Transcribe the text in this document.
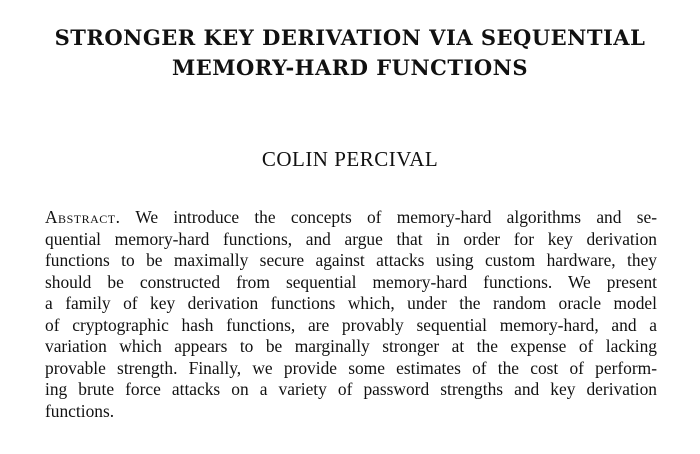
STRONGER KEY DERIVATION VIA SEQUENTIAL
MEMORY-HARD FUNCTIONS
COLIN PERCIVAL
Abstract. We introduce the concepts of memory-hard algorithms and se-
quential memory-hard functions, and argue that in order for key derivation
functions to be maximally secure against attacks using custom hardware, they
should be constructed from sequential memory-hard functions. We present
a family of key derivation functions which, under the random oracle model
of cryptographic hash functions, are provably sequential memory-hard, and a
variation which appears to be marginally stronger at the expense of lacking
provable strength. Finally, we provide some estimates of the cost of perform-
ing brute force attacks on a variety of password strengths and key derivation
functions.
